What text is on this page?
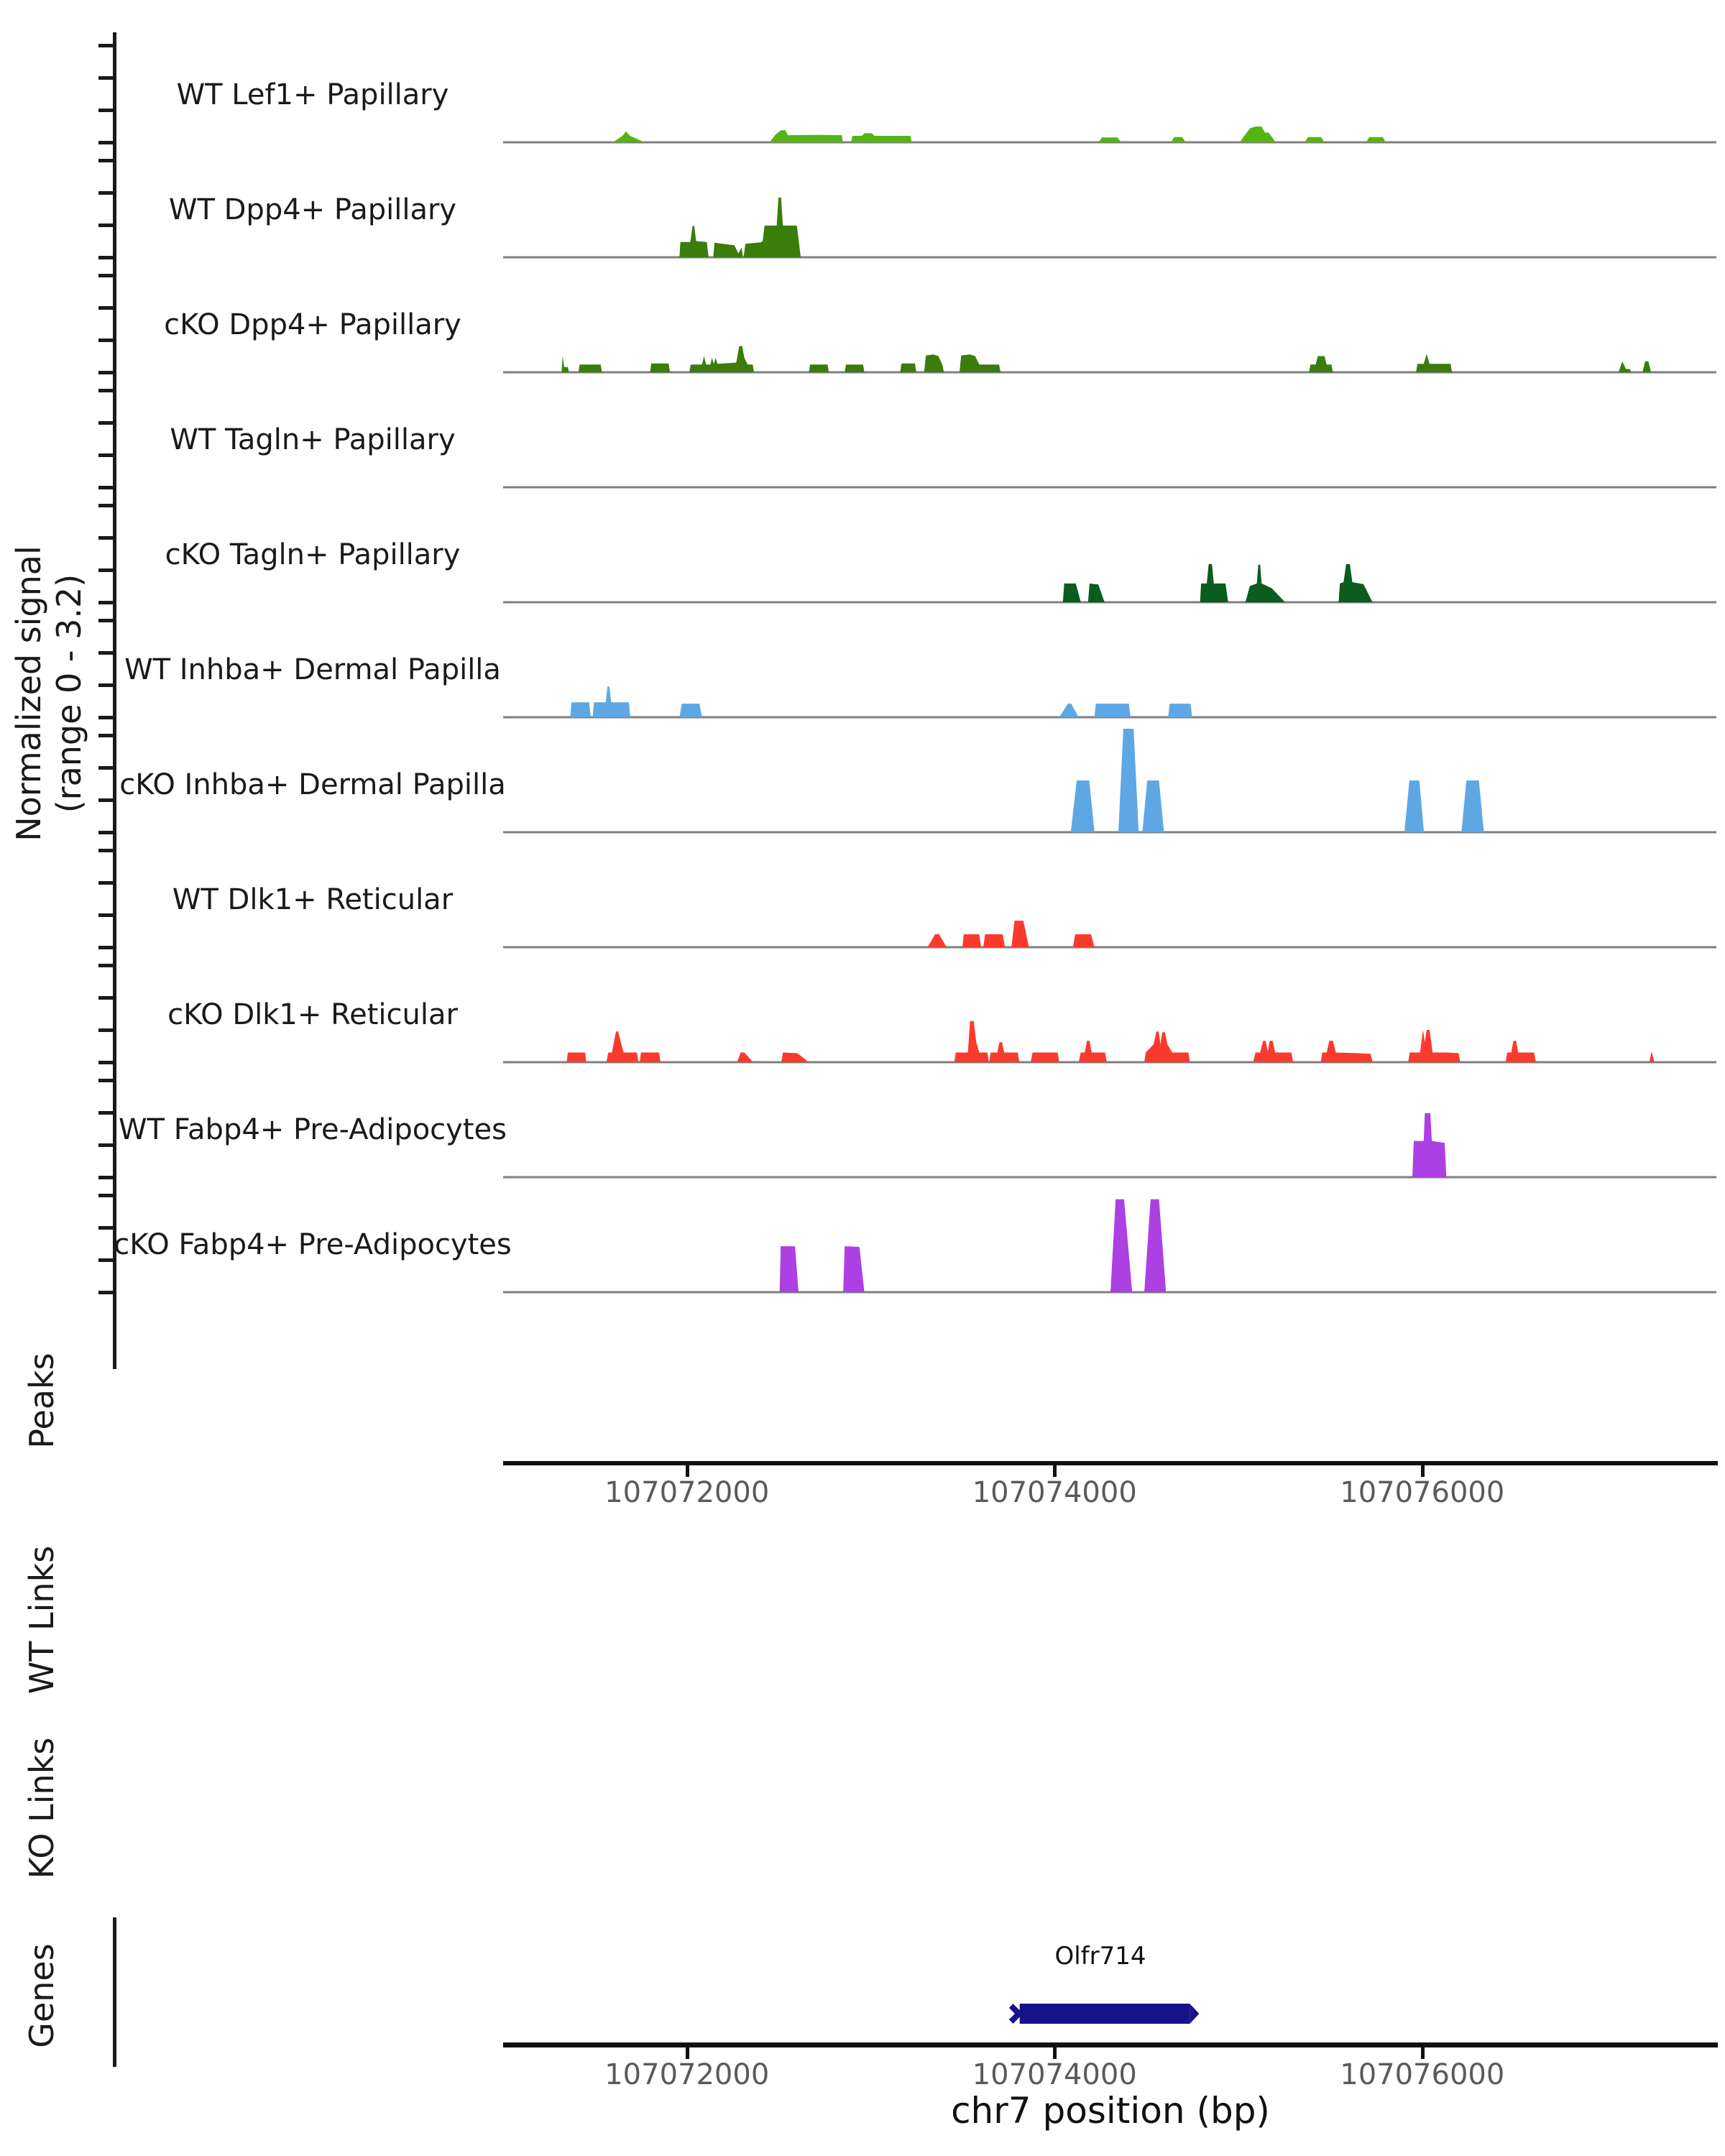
Normalized signal (range 0 - 3.2)
WT Lef1+ Papillary
WT Dpp4+ Papillary
cKO Dpp4+ Papillary
WT Tagln+ Papillary
cKO Tagln+ Papillary
WT Inhba+ Dermal Papilla
cKO Inhba+ Dermal Papilla
WT Dlk1+ Reticular
cKO Dlk1+ Reticular
WT Fabp4+ Pre-Adipocytes
cKO Fabp4+ Pre-Adipocytes
Peaks
WT Links
KO Links
Genes
107072000	107074000	107076000
Olfr714
107072000	107074000	107076000
chr7 position (bp)
